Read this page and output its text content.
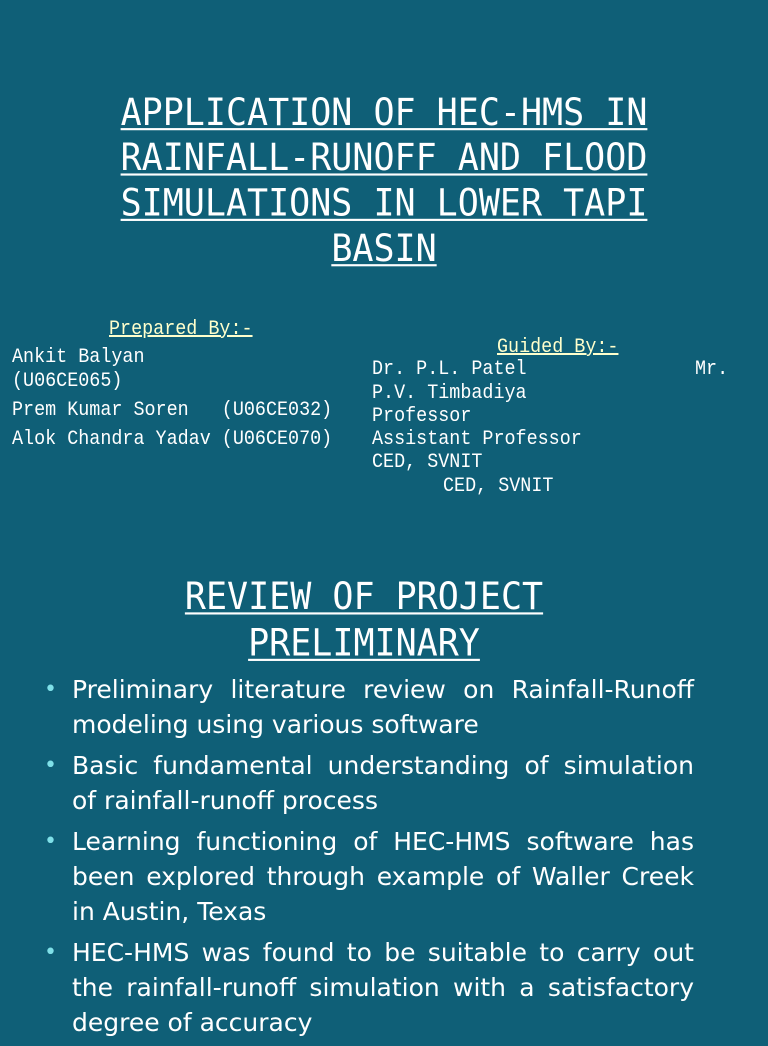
APPLICATION OF HEC-HMS IN
RAINFALL-RUNOFF AND FLOOD
SIMULATIONS IN LOWER TAPI
BASIN
Prepared By:-
Ankit Balyan
(U06CE065)
Prem Kumar Soren   (U06CE032)
Alok Chandra Yadav (U06CE070)
Guided By:-
Dr. P.L. Patel	Mr.
P.V. Timbadiya
Professor
Assistant Professor
CED, SVNIT
CED, SVNIT
REVIEW OF PROJECT
PRELIMINARY
• Preliminary literature review on Rainfall-Runoff modeling using various software
• Basic fundamental understanding of simulation of rainfall-runoff process
• Learning functioning of HEC-HMS software has been explored through example of Waller Creek in Austin, Texas
• HEC-HMS was found to be suitable to carry out the rainfall-runoff simulation with a satisfactory degree of accuracy
